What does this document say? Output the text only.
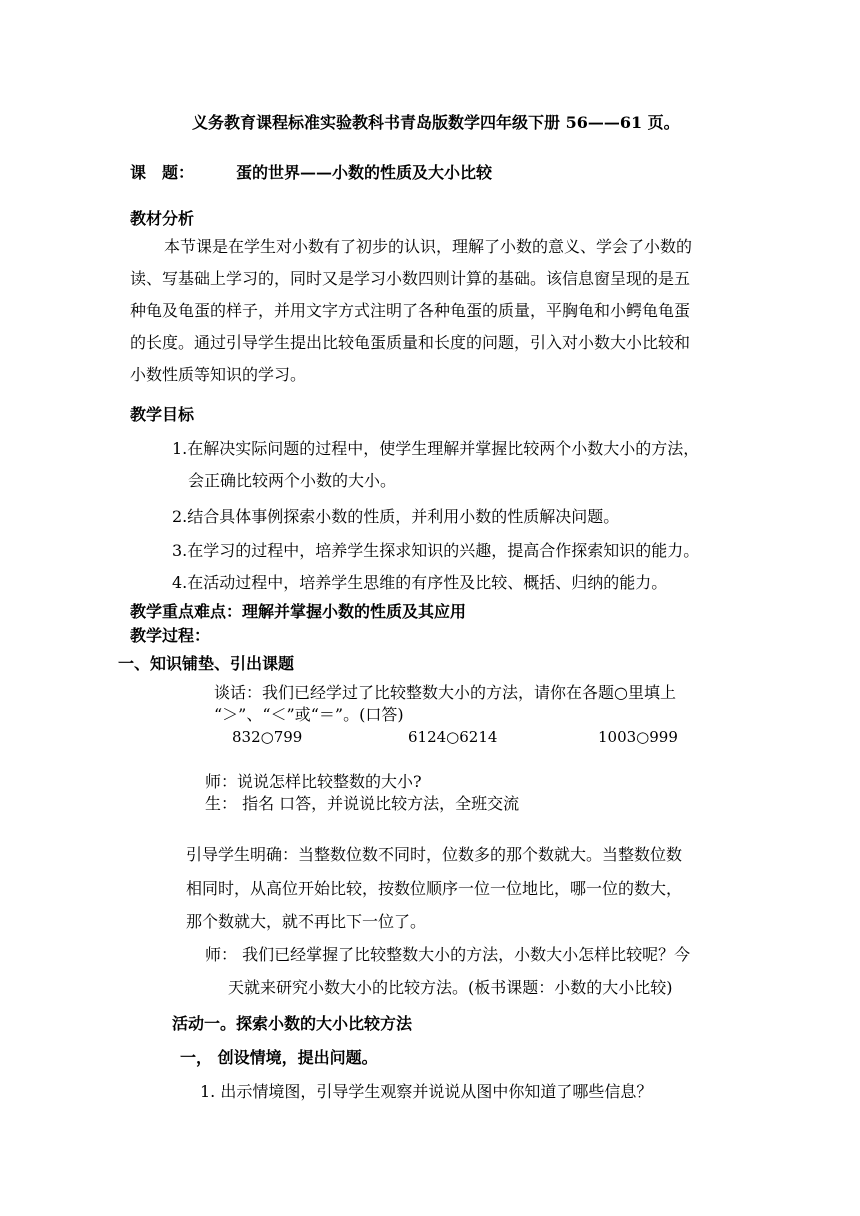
义务教育课程标准实验教科书青岛版数学四年级下册 56——61 页。
课　题：	蛋的世界——小数的性质及大小比较
教材分析
本节课是在学生对小数有了初步的认识，理解了小数的意义、学会了小数的
读、写基础上学习的，同时又是学习小数四则计算的基础。该信息窗呈现的是五
种龟及龟蛋的样子，并用文字方式注明了各种龟蛋的质量，平胸龟和小鳄龟龟蛋
的长度。通过引导学生提出比较龟蛋质量和长度的问题，引入对小数大小比较和
小数性质等知识的学习。
教学目标
1.在解决实际问题的过程中，使学生理解并掌握比较两个小数大小的方法，
会正确比较两个小数的大小。
2.结合具体事例探索小数的性质，并利用小数的性质解决问题。
3.在学习的过程中，培养学生探求知识的兴趣，提高合作探索知识的能力。
4.在活动过程中，培养学生思维的有序性及比较、概括、归纳的能力。
教学重点难点：理解并掌握小数的性质及其应用
教学过程：
一、知识铺垫、引出课题
谈话：我们已经学过了比较整数大小的方法，请你在各题○里填上
“＞”、“＜”或“＝”。(口答)
832○799	6124○6214	1003○999
师：说说怎样比较整数的大小?
生： 指名 口答，并说说比较方法，全班交流
引导学生明确：当整数位数不同时，位数多的那个数就大。当整数位数
相同时，从高位开始比较，按数位顺序一位一位地比，哪一位的数大，
那个数就大，就不再比下一位了。
师： 我们已经掌握了比较整数大小的方法，小数大小怎样比较呢？今
天就来研究小数大小的比较方法。(板书课题：小数的大小比较)
活动一。探索小数的大小比较方法
一， 创设情境，提出问题。
1. 出示情境图，引导学生观察并说说从图中你知道了哪些信息？
